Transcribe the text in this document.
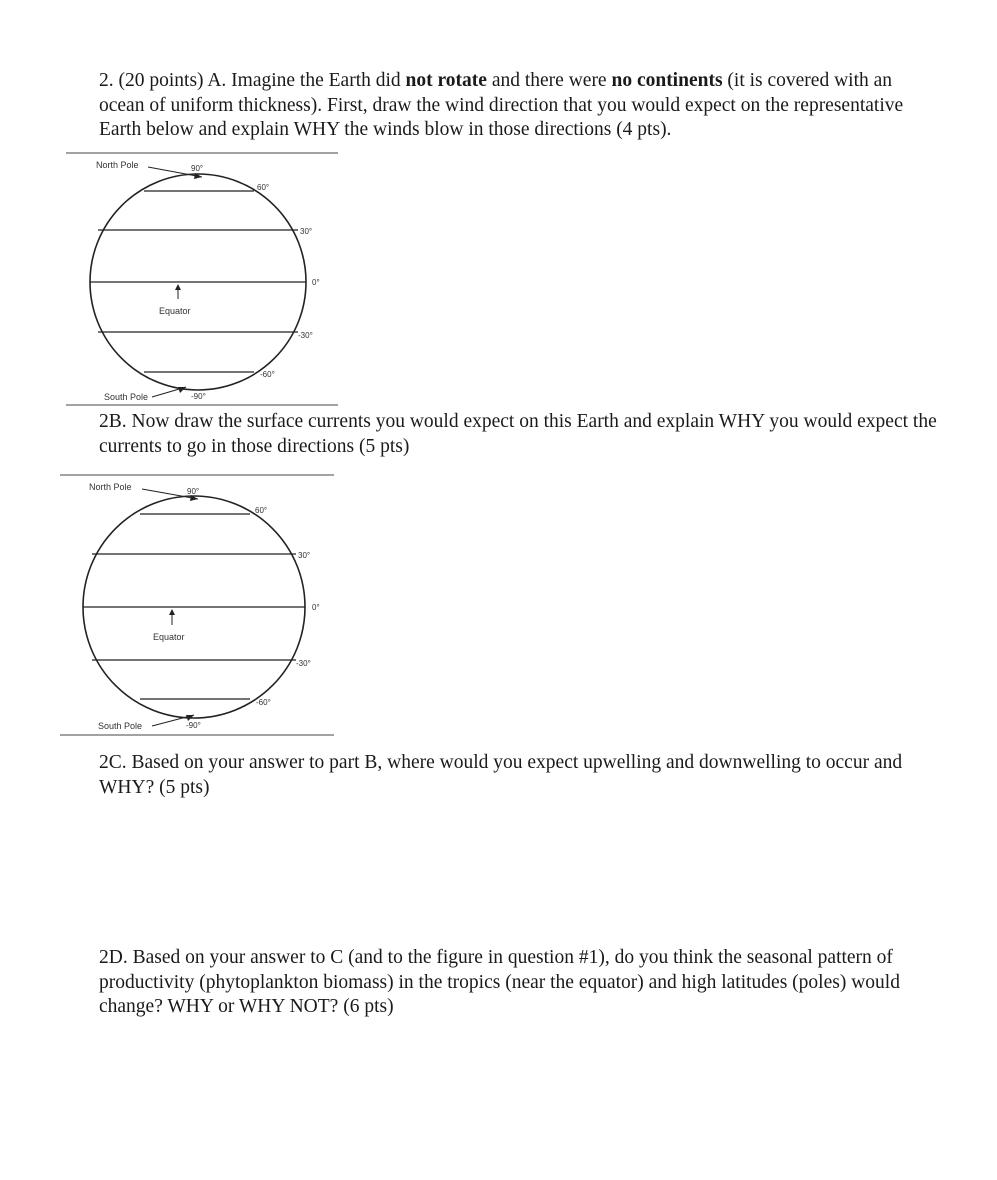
2. (20 points) A. Imagine the Earth did not rotate and there were no continents (it is covered with an ocean of uniform thickness). First, draw the wind direction that you would expect on the representative Earth below and explain WHY the winds blow in those directions (4 pts).

North Pole	90°
60°
30°
0°
Equator
-30°
-60°
South Pole	-90°

2B. Now draw the surface currents you would expect on this Earth and explain WHY you would expect the currents to go in those directions (5 pts)

North Pole	90°
60°
30°
0°
Equator
-30°
-60°
South Pole	-90°

2C. Based on your answer to part B, where would you expect upwelling and downwelling to occur and WHY? (5 pts)

2D. Based on your answer to C (and to the figure in question #1), do you think the seasonal pattern of productivity (phytoplankton biomass) in the tropics (near the equator) and high latitudes (poles) would change? WHY or WHY NOT? (6 pts)
